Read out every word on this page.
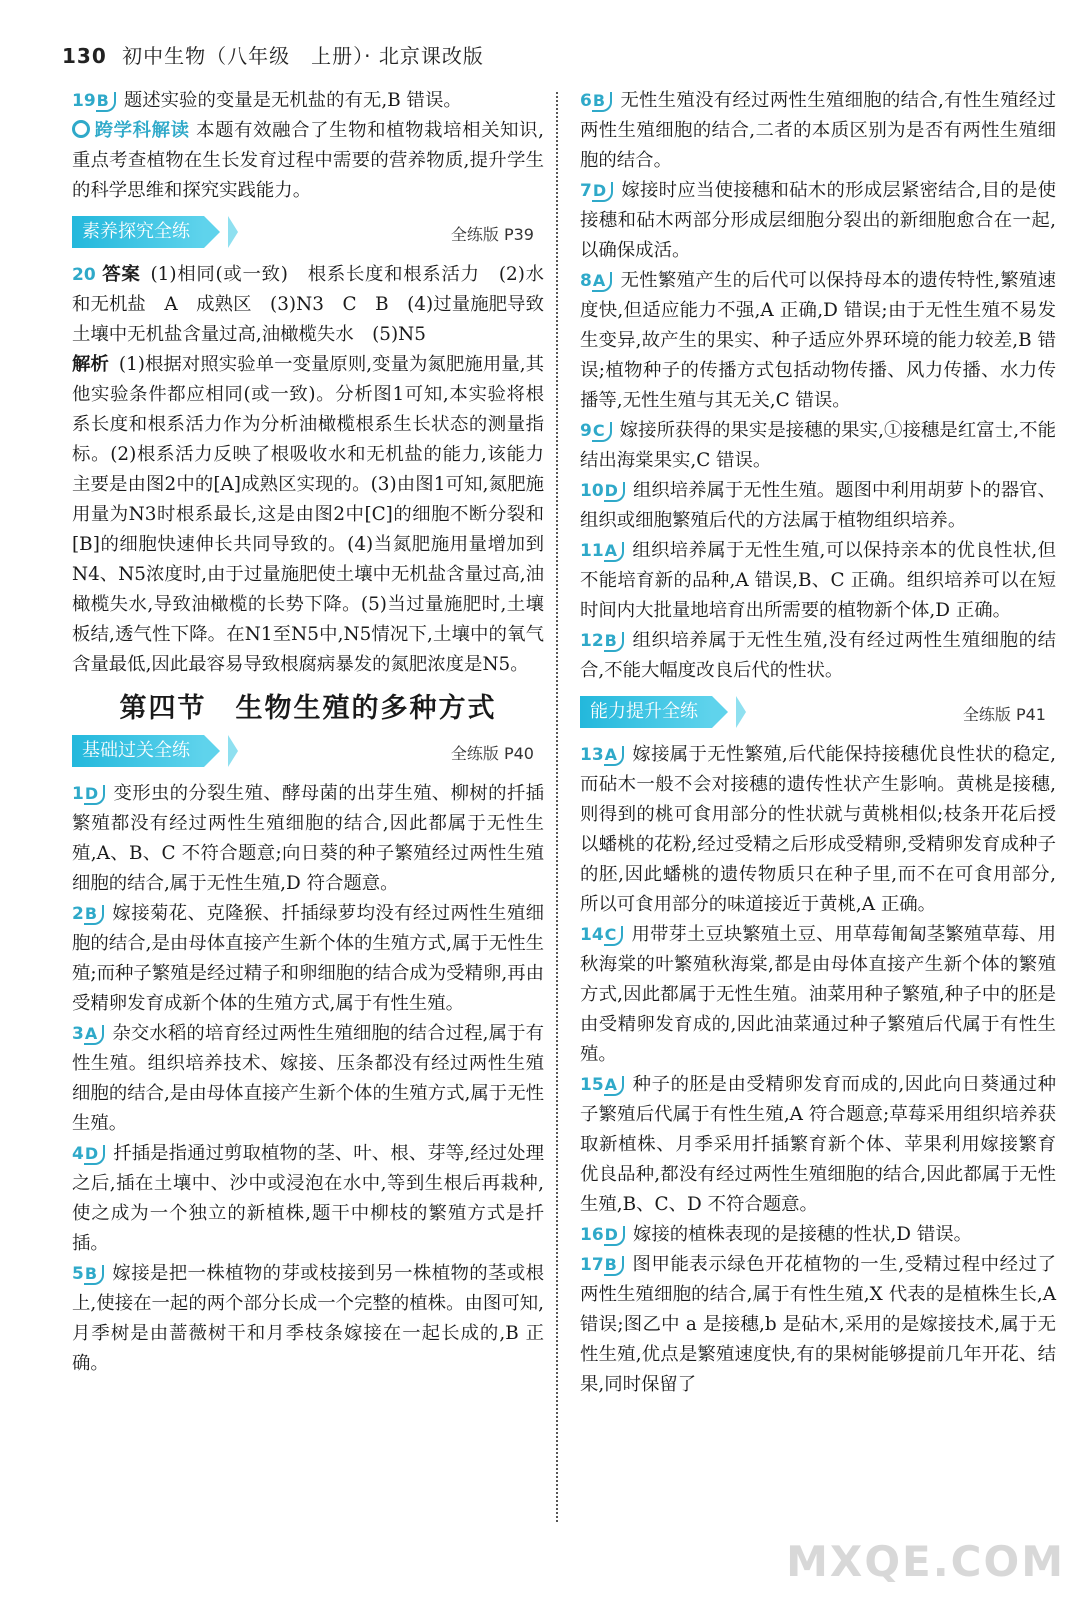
130 初中生物（八年级　上册）· 北京课改版

19B 题述实验的变量是无机盐的有无,B 错误。

跨学科解读 本题有效融合了生物和植物栽培相关知识,重点考查植物在生长发育过程中需要的营养物质,提升学生的科学思维和探究实践能力。

素养探究全练	全练版 P39

20 答案 (1)相同(或一致)　根系长度和根系活力　(2)水和无机盐　A　成熟区　(3)N3　C　B　(4)过量施肥导致土壤中无机盐含量过高,油橄榄失水　(5)N5

解析 (1)根据对照实验单一变量原则,变量为氮肥施用量,其他实验条件都应相同(或一致)。分析图1可知,本实验将根系长度和根系活力作为分析油橄榄根系生长状态的测量指标。(2)根系活力反映了根吸收水和无机盐的能力,该能力主要是由图2中的[A]成熟区实现的。(3)由图1可知,氮肥施用量为N3时根系最长,这是由图2中[C]的细胞不断分裂和[B]的细胞快速伸长共同导致的。(4)当氮肥施用量增加到N4、N5浓度时,由于过量施肥使土壤中无机盐含量过高,油橄榄失水,导致油橄榄的长势下降。(5)当过量施肥时,土壤板结,透气性下降。在N1至N5中,N5情况下,土壤中的氧气含量最低,因此最容易导致根腐病暴发的氮肥浓度是N5。

第四节　生物生殖的多种方式
基础过关全练	全练版 P40

1D 变形虫的分裂生殖、酵母菌的出芽生殖、柳树的扦插繁殖都没有经过两性生殖细胞的结合,因此都属于无性生殖,A、B、C 不符合题意;向日葵的种子繁殖经过两性生殖细胞的结合,属于无性生殖,D 符合题意。

2B 嫁接菊花、克隆猴、扦插绿萝均没有经过两性生殖细胞的结合,是由母体直接产生新个体的生殖方式,属于无性生殖;而种子繁殖是经过精子和卵细胞的结合成为受精卵,再由受精卵发育成新个体的生殖方式,属于有性生殖。

3A 杂交水稻的培育经过两性生殖细胞的结合过程,属于有性生殖。组织培养技术、嫁接、压条都没有经过两性生殖细胞的结合,是由母体直接产生新个体的生殖方式,属于无性生殖。

4D 扦插是指通过剪取植物的茎、叶、根、芽等,经过处理之后,插在土壤中、沙中或浸泡在水中,等到生根后再栽种,使之成为一个独立的新植株,题干中柳枝的繁殖方式是扦插。

5B 嫁接是把一株植物的芽或枝接到另一株植物的茎或根上,使接在一起的两个部分长成一个完整的植株。由图可知,月季树是由蔷薇树干和月季枝条嫁接在一起长成的,B 正确。

6B 无性生殖没有经过两性生殖细胞的结合,有性生殖经过两性生殖细胞的结合,二者的本质区别为是否有两性生殖细胞的结合。

7D 嫁接时应当使接穗和砧木的形成层紧密结合,目的是使接穗和砧木两部分形成层细胞分裂出的新细胞愈合在一起,以确保成活。

8A 无性繁殖产生的后代可以保持母本的遗传特性,繁殖速度快,但适应能力不强,A 正确,D 错误;由于无性生殖不易发生变异,故产生的果实、种子适应外界环境的能力较差,B 错误;植物种子的传播方式包括动物传播、风力传播、水力传播等,无性生殖与其无关,C 错误。

9C 嫁接所获得的果实是接穗的果实,①接穗是红富士,不能结出海棠果实,C 错误。

10D 组织培养属于无性生殖。题图中利用胡萝卜的器官、组织或细胞繁殖后代的方法属于植物组织培养。

11A 组织培养属于无性生殖,可以保持亲本的优良性状,但不能培育新的品种,A 错误,B、C 正确。组织培养可以在短时间内大批量地培育出所需要的植物新个体,D 正确。

12B 组织培养属于无性生殖,没有经过两性生殖细胞的结合,不能大幅度改良后代的性状。

能力提升全练	全练版 P41

13A 嫁接属于无性繁殖,后代能保持接穗优良性状的稳定,而砧木一般不会对接穗的遗传性状产生影响。黄桃是接穗,则得到的桃可食用部分的性状就与黄桃相似;枝条开花后授以蟠桃的花粉,经过受精之后形成受精卵,受精卵发育成种子的胚,因此蟠桃的遗传物质只在种子里,而不在可食用部分,所以可食用部分的味道接近于黄桃,A 正确。

14C 用带芽土豆块繁殖土豆、用草莓匍匐茎繁殖草莓、用秋海棠的叶繁殖秋海棠,都是由母体直接产生新个体的繁殖方式,因此都属于无性生殖。油菜用种子繁殖,种子中的胚是由受精卵发育成的,因此油菜通过种子繁殖后代属于有性生殖。

15A 种子的胚是由受精卵发育而成的,因此向日葵通过种子繁殖后代属于有性生殖,A 符合题意;草莓采用组织培养获取新植株、月季采用扦插繁育新个体、苹果利用嫁接繁育优良品种,都没有经过两性生殖细胞的结合,因此都属于无性生殖,B、C、D 不符合题意。

16D 嫁接的植株表现的是接穗的性状,D 错误。

17B 图甲能表示绿色开花植物的一生,受精过程中经过了两性生殖细胞的结合,属于有性生殖,X 代表的是植株生长,A 错误;图乙中 a 是接穗,b 是砧木,采用的是嫁接技术,属于无性生殖,优点是繁殖速度快,有的果树能够提前几年开花、结果,同时保留了

MXQE.COM
